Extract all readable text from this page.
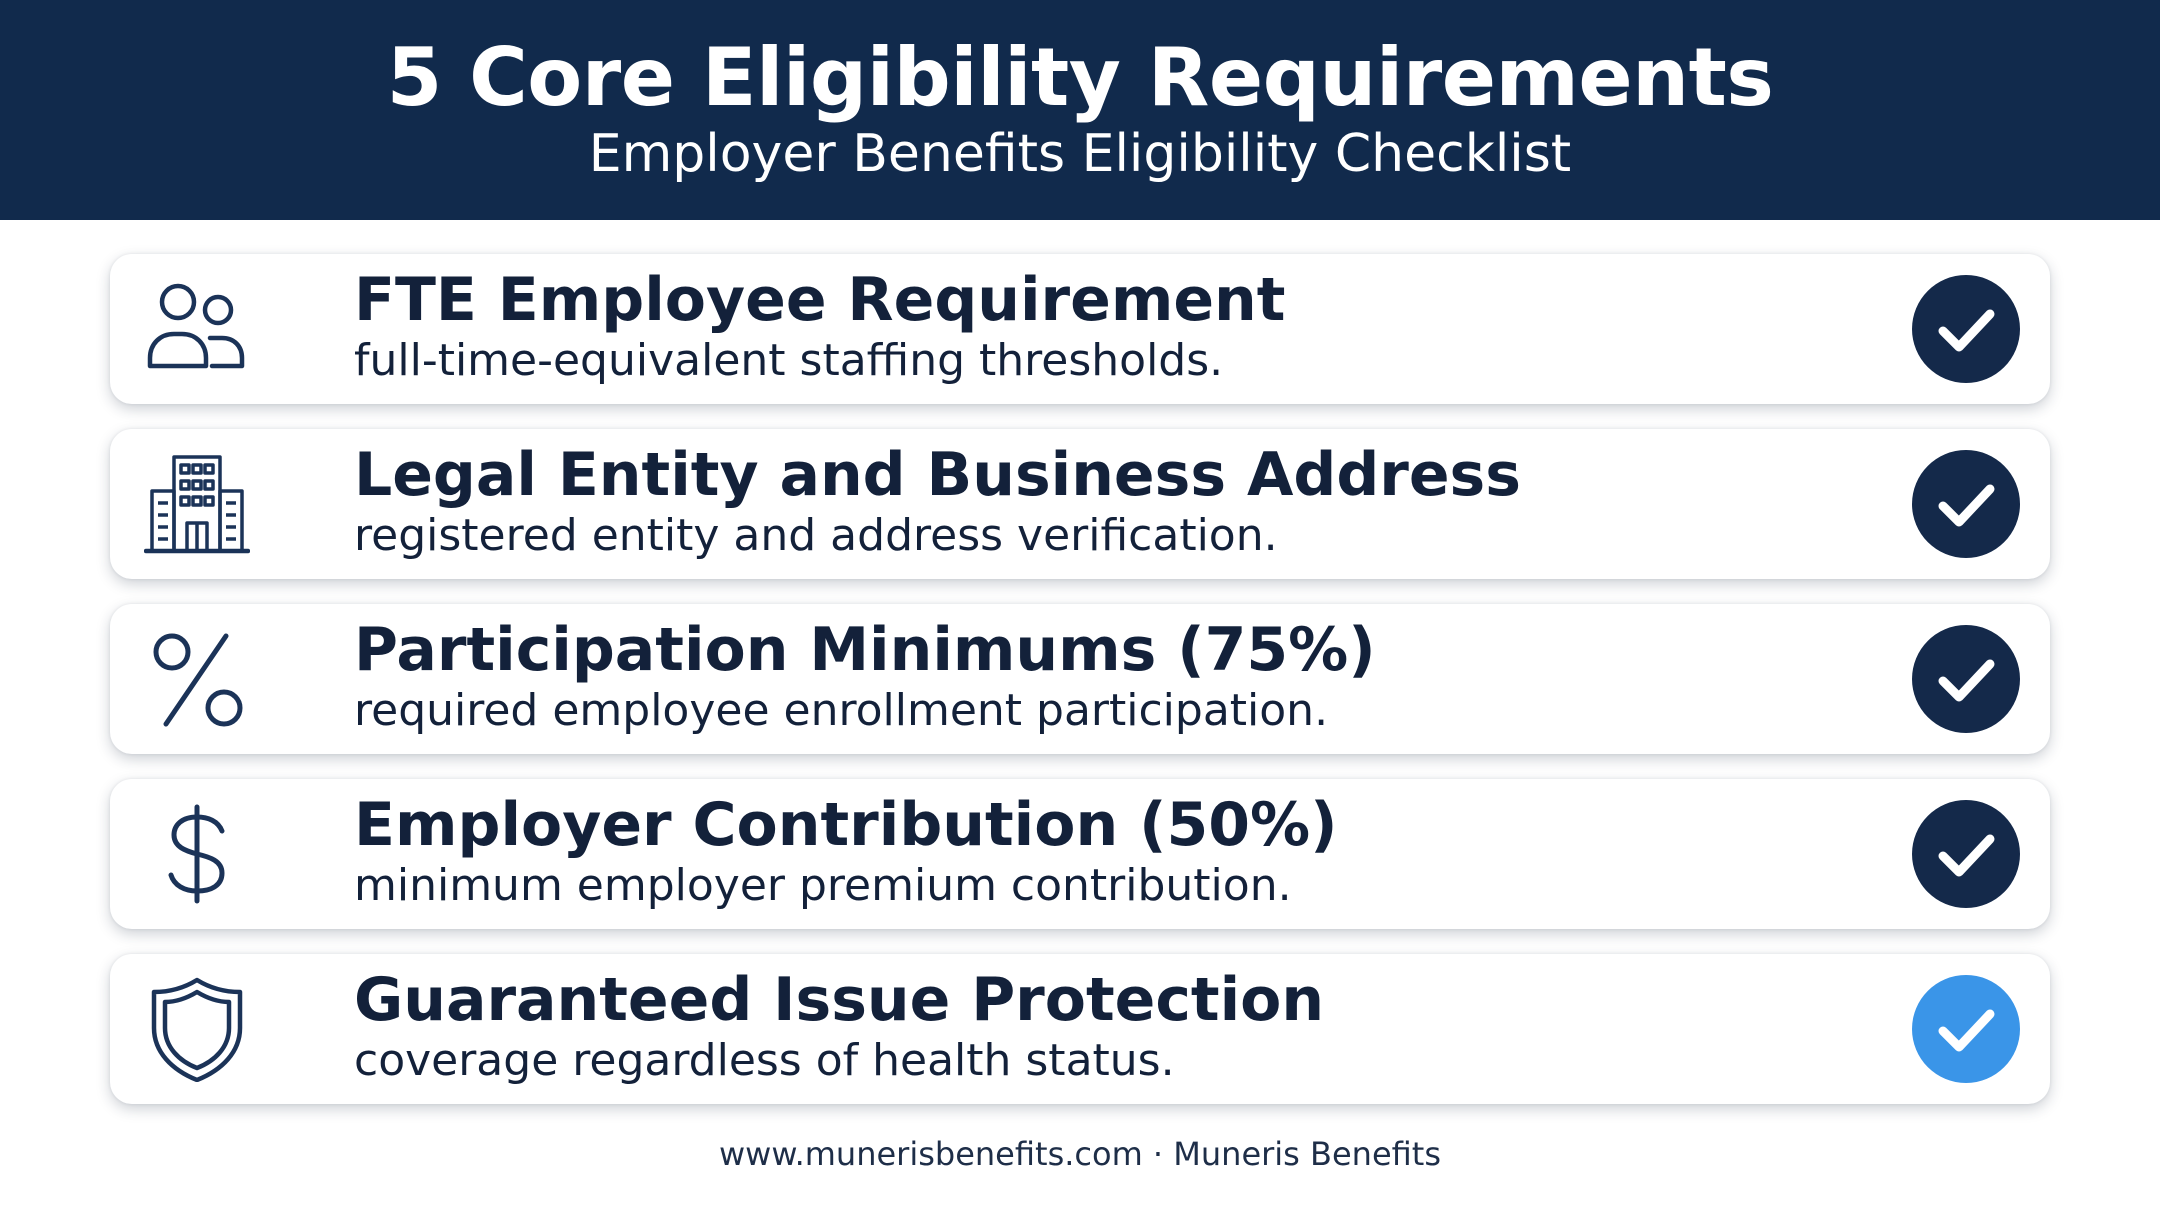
5 Core Eligibility Requirements
Employer Benefits Eligibility Checklist
FTE Employee Requirement
full-time-equivalent staffing thresholds.
Legal Entity and Business Address
registered entity and address verification.
Participation Minimums (75%)
required employee enrollment participation.
Employer Contribution (50%)
minimum employer premium contribution.
Guaranteed Issue Protection
coverage regardless of health status.
www.munerisbenefits.com · Muneris Benefits
